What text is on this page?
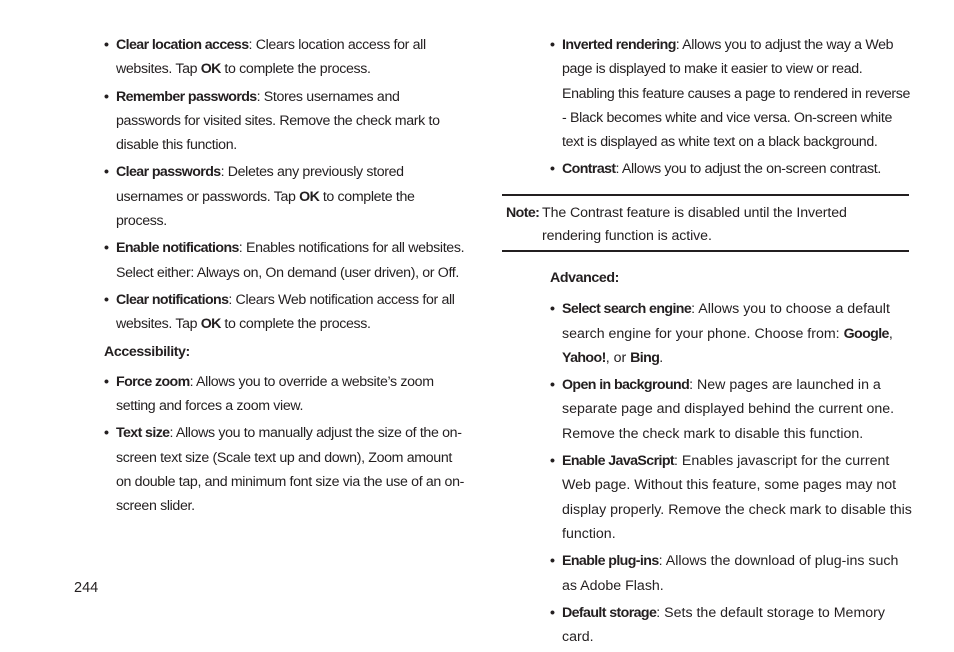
• Clear location access: Clears location access for all websites. Tap OK to complete the process.
• Remember passwords: Stores usernames and passwords for visited sites. Remove the check mark to disable this function.
• Clear passwords: Deletes any previously stored usernames or passwords. Tap OK to complete the process.
• Enable notifications: Enables notifications for all websites. Select either: Always on, On demand (user driven), or Off.
• Clear notifications: Clears Web notification access for all websites. Tap OK to complete the process.
Accessibility:
• Force zoom: Allows you to override a website’s zoom setting and forces a zoom view.
• Text size: Allows you to manually adjust the size of the on-screen text size (Scale text up and down), Zoom amount on double tap, and minimum font size via the use of an on-screen slider.
• Inverted rendering: Allows you to adjust the way a Web page is displayed to make it easier to view or read. Enabling this feature causes a page to rendered in reverse - Black becomes white and vice versa. On-screen white text is displayed as white text on a black background.
• Contrast: Allows you to adjust the on-screen contrast.
Note: The Contrast feature is disabled until the Inverted rendering function is active.
Advanced:
• Select search engine: Allows you to choose a default search engine for your phone. Choose from: Google, Yahoo!, or Bing.
• Open in background: New pages are launched in a separate page and displayed behind the current one. Remove the check mark to disable this function.
• Enable JavaScript: Enables javascript for the current Web page. Without this feature, some pages may not display properly. Remove the check mark to disable this function.
• Enable plug-ins: Allows the download of plug-ins such as Adobe Flash.
• Default storage: Sets the default storage to Memory card.
244
